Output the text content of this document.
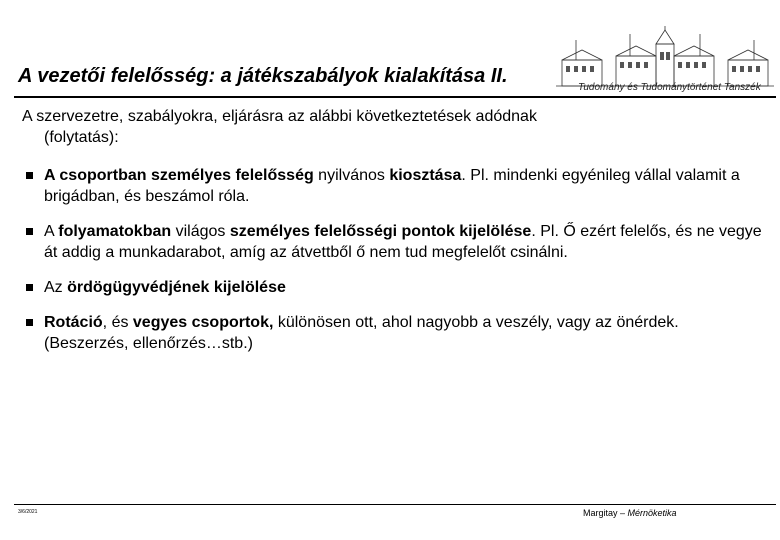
A vezetői felelősség: a játékszabályok kialakítása II.
Tudomány és Tudománytörténet Tanszék
A szervezetre, szabályokra, eljárásra az alábbi következtetések adódnak
(folytatás):
A csoportban személyes felelősség nyilvános kiosztása. Pl. mindenki egyénileg vállal valamit a brigádban, és beszámol róla.
A folyamatokban világos személyes felelősségi pontok kijelölése. Pl. Ő ezért felelős, és ne vegye át addig a munkadarabot, amíg az átvettből ő nem tud megfelelőt csinálni.
Az ördögügyvédjének kijelölése
Rotáció, és vegyes csoportok, különösen ott, ahol nagyobb a veszély, vagy az önérdek. (Beszerzés, ellenőrzés…stb.)
3/6/2021	Margitay – Mérnöketika
